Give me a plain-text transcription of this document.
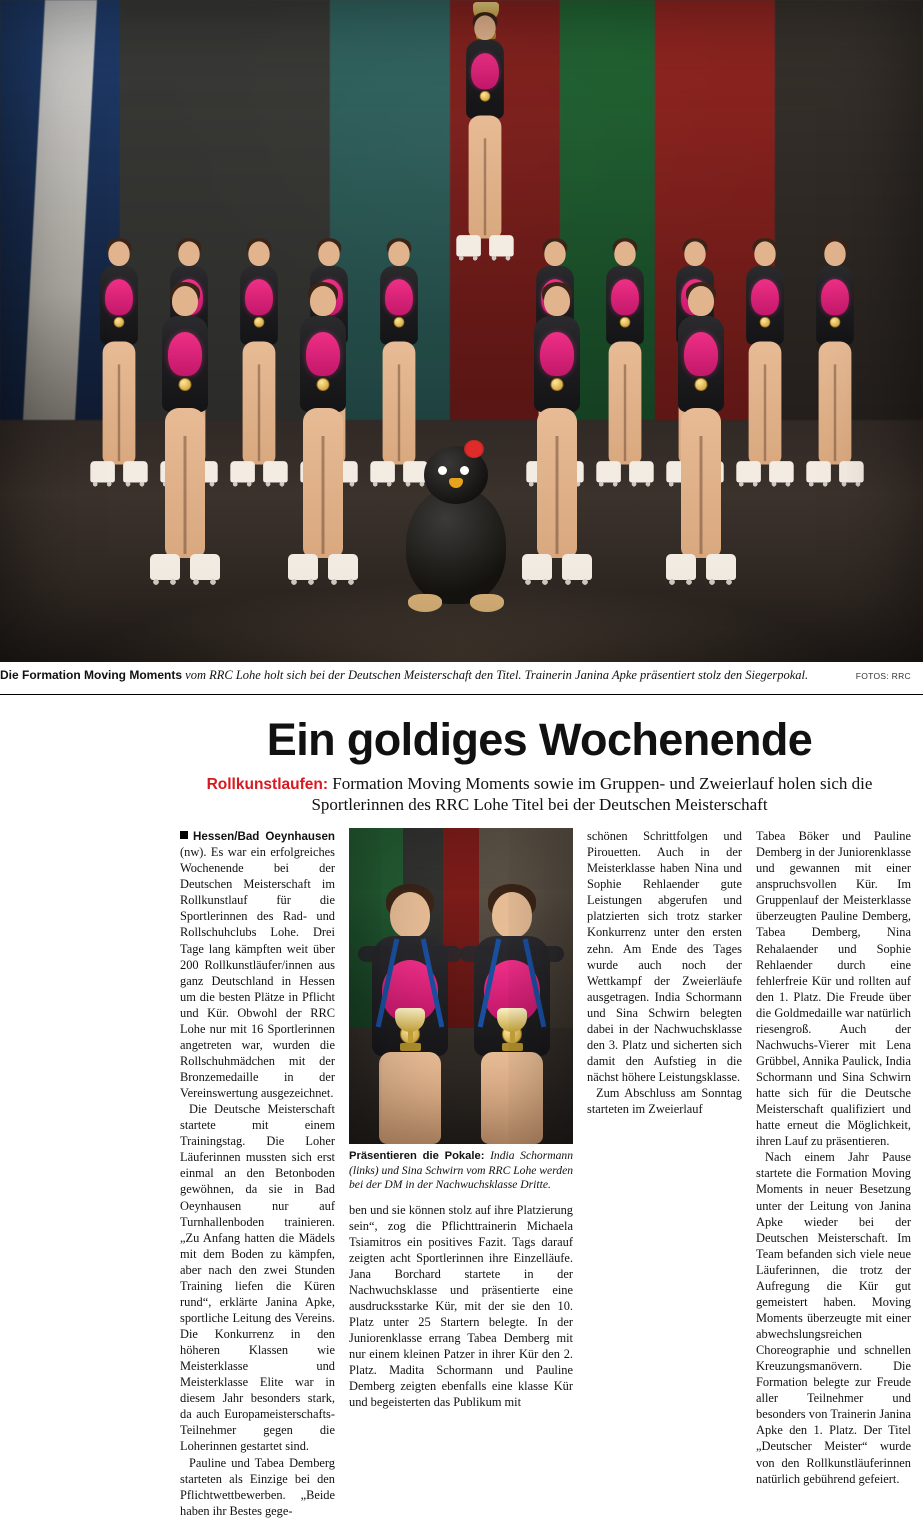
Die Formation Moving Moments vom RRC Lohe holt sich bei der Deutschen Meisterschaft den Titel. Trainerin Janina Apke präsentiert stolz den Siegerpokal.	FOTOS: RRC
Ein goldiges Wochenende
Rollkunstlaufen: Formation Moving Moments sowie im Gruppen- und Zweierlauf holen sich die Sportlerinnen des RRC Lohe Titel bei der Deutschen Meisterschaft

Hessen/Bad Oeynhausen (nw). Es war ein erfolgreiches Wochenende bei der Deutschen Meisterschaft im Rollkunstlauf für die Sportlerinnen des Rad- und Rollschuhclubs Lohe. Drei Tage lang kämpften weit über 200 Rollkunstläufer/innen aus ganz Deutschland in Hessen um die besten Plätze in Pflicht und Kür. Obwohl der RRC Lohe nur mit 16 Sportlerinnen angetreten war, wurden die Rollschuhmädchen mit der Bronzemedaille in der Vereinswertung ausgezeichnet.

Die Deutsche Meisterschaft startete mit einem Trainingstag. Die Loher Läuferinnen mussten sich erst einmal an den Betonboden gewöhnen, da sie in Bad Oeynhausen nur auf Turnhallenboden trainieren. „Zu Anfang hatten die Mädels mit dem Boden zu kämpfen, aber nach den zwei Stunden Training liefen die Küren rund“, erklärte Janina Apke, sportliche Leitung des Vereins. Die Konkurrenz in den höheren Klassen wie Meisterklasse und Meisterklasse Elite war in diesem Jahr besonders stark, da auch Europameisterschafts-Teilnehmer gegen die Loherinnen gestartet sind.

Pauline und Tabea Demberg starteten als Einzige bei den Pflichtwettbewerben. „Beide haben ihr Bestes gege-

Präsentieren die Pokale: India Schormann (links) und Sina Schwirn vom RRC Lohe werden bei der DM in der Nachwuchsklasse Dritte.

ben und sie können stolz auf ihre Platzierung sein“, zog die Pflichttrainerin Michaela Tsiamitros ein positives Fazit. Tags darauf zeigten acht Sportlerinnen ihre Einzelläufe. Jana Borchard startete in der Nachwuchsklasse und präsentierte eine ausdrucksstarke Kür, mit der sie den 10. Platz unter 25 Startern belegte. In der Juniorenklasse errang Tabea Demberg mit nur einem kleinen Patzer in ihrer Kür den 2. Platz. Madita Schormann und Pauline Demberg zeigten ebenfalls eine klasse Kür und begeisterten das Publikum mit

schönen Schrittfolgen und Pirouetten. Auch in der Meisterklasse haben Nina und Sophie Rehlaender gute Leistungen abgerufen und platzierten sich trotz starker Konkurrenz unter den ersten zehn. Am Ende des Tages wurde auch noch der Wettkampf der Zweierläufe ausgetragen. India Schormann und Sina Schwirn belegten dabei in der Nachwuchsklasse den 3. Platz und sicherten sich damit den Aufstieg in die nächst höhere Leistungsklasse.

Zum Abschluss am Sonntag starteten im Zweierlauf

Tabea Böker und Pauline Demberg in der Juniorenklasse und gewannen mit einer anspruchsvollen Kür. Im Gruppenlauf der Meisterklasse überzeugten Pauline Demberg, Tabea Demberg, Nina Rehalaender und Sophie Rehlaender durch eine fehlerfreie Kür und rollten auf den 1. Platz. Die Freude über die Goldmedaille war natürlich riesengroß. Auch der Nachwuchs-Vierer mit Lena Grübbel, Annika Paulick, India Schormann und Sina Schwirn hatte sich für die Deutsche Meisterschaft qualifiziert und hatte erneut die Möglichkeit, ihren Lauf zu präsentieren.

Nach einem Jahr Pause startete die Formation Moving Moments in neuer Besetzung unter der Leitung von Janina Apke wieder bei der Deutschen Meisterschaft. Im Team befanden sich viele neue Läuferinnen, die trotz der Aufregung die Kür gut gemeistert haben. Moving Moments überzeugte mit einer abwechslungsreichen Choreographie und schnellen Kreuzungsmanövern. Die Formation belegte zur Freude aller Teilnehmer und besonders von Trainerin Janina Apke den 1. Platz. Der Titel „Deutscher Meister“ wurde von den Rollkunstläuferinnen natürlich gebührend gefeiert.
